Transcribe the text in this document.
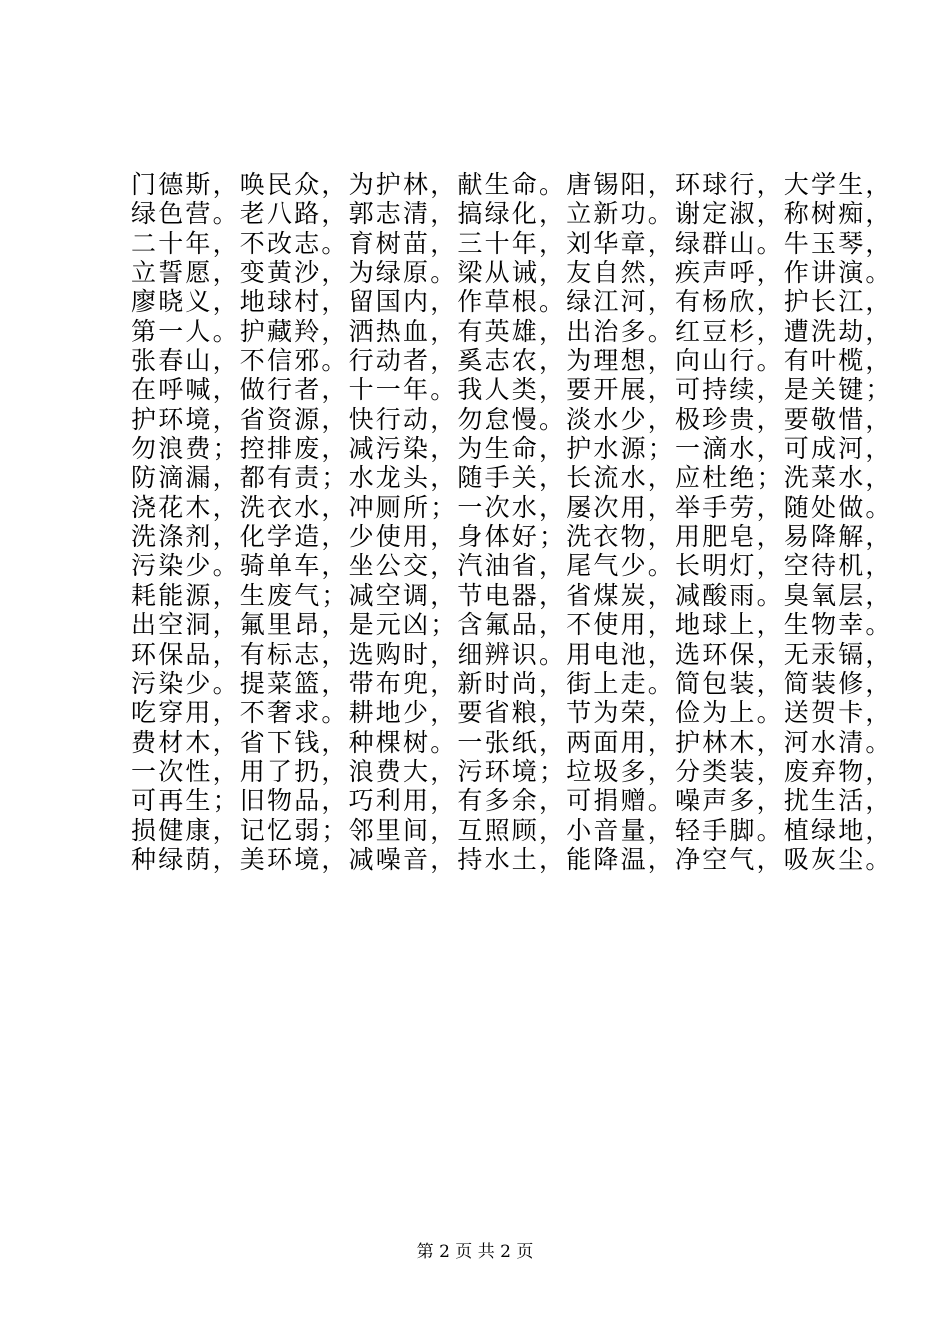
门德斯，唤民众，为护林，献生命。唐锡阳，环球行，大学生，
绿色营。老八路，郭志清，搞绿化，立新功。谢定淑，称树痴，
二十年，不改志。育树苗，三十年，刘华章，绿群山。牛玉琴，
立誓愿，变黄沙，为绿原。梁从诫，友自然，疾声呼，作讲演。
廖晓义，地球村，留国内，作草根。绿江河，有杨欣，护长江，
第一人。护藏羚，洒热血，有英雄，出治多。红豆杉，遭洗劫，
张春山，不信邪。行动者，奚志农，为理想，向山行。有叶榄，
在呼喊，做行者，十一年。我人类，要开展，可持续，是关键；
护环境，省资源，快行动，勿怠慢。淡水少，极珍贵，要敬惜，
勿浪费；控排废，减污染，为生命，护水源；一滴水，可成河，
防滴漏，都有责；水龙头，随手关，长流水，应杜绝；洗菜水，
浇花木，洗衣水，冲厕所；一次水，屡次用，举手劳，随处做。
洗涤剂，化学造，少使用，身体好；洗衣物，用肥皂，易降解，
污染少。骑单车，坐公交，汽油省，尾气少。长明灯，空待机，
耗能源，生废气；减空调，节电器，省煤炭，减酸雨。臭氧层，
出空洞，氟里昂，是元凶；含氟品，不使用，地球上，生物幸。
环保品，有标志，选购时，细辨识。用电池，选环保，无汞镉，
污染少。提菜篮，带布兜，新时尚，街上走。简包装，简装修，
吃穿用，不奢求。耕地少，要省粮，节为荣，俭为上。送贺卡，
费材木，省下钱，种棵树。一张纸，两面用，护林木，河水清。
一次性，用了扔，浪费大，污环境；垃圾多，分类装，废弃物，
可再生；旧物品，巧利用，有多余，可捐赠。噪声多，扰生活，
损健康，记忆弱；邻里间，互照顾，小音量，轻手脚。植绿地，
种绿荫，美环境，减噪音，持水土，能降温，净空气，吸灰尘。
第 2 页 共 2 页
